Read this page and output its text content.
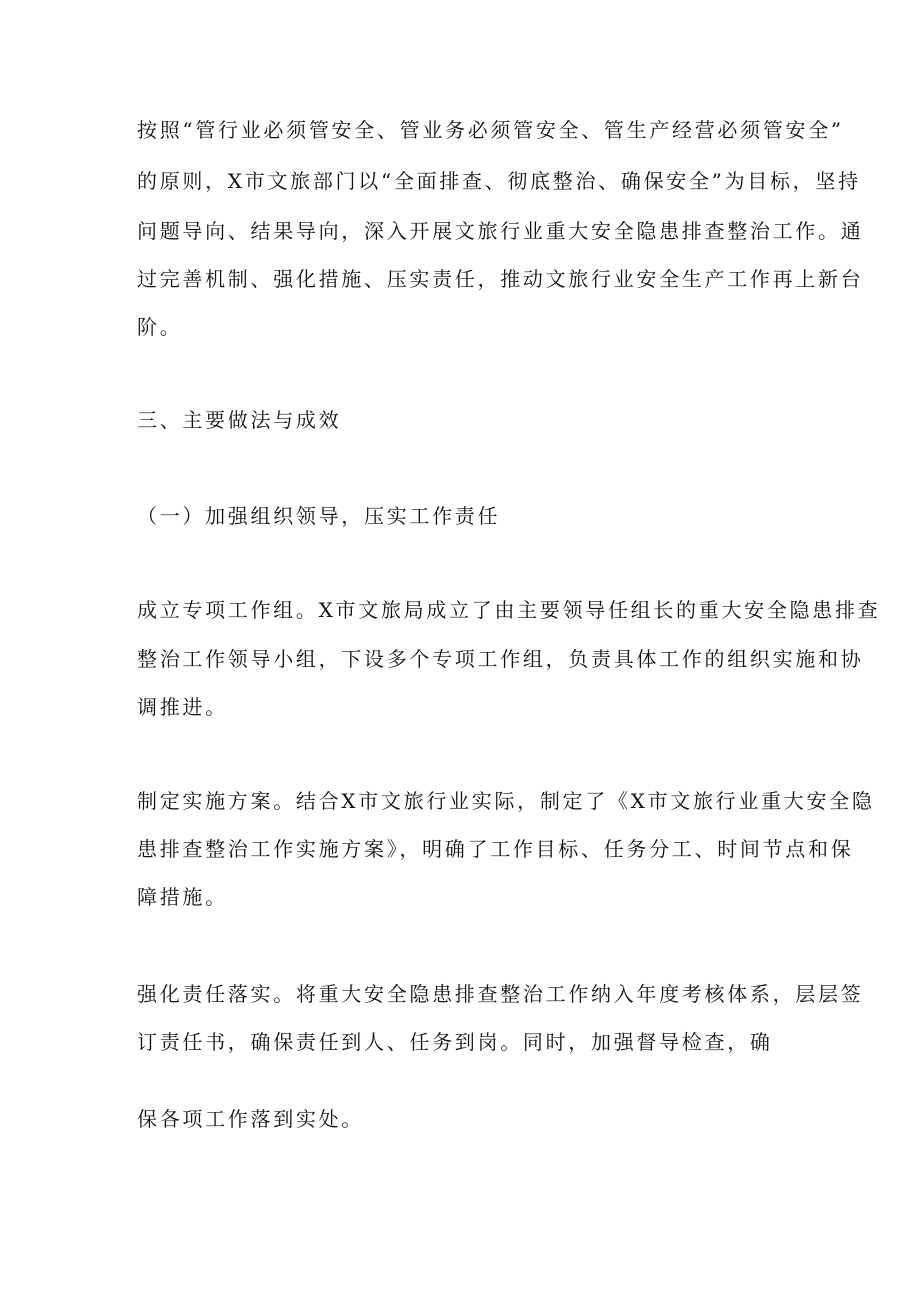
按照“管行业必须管安全、管业务必须管安全、管生产经营必须管安全”
的原则，X市文旅部门以“全面排查、彻底整治、确保安全”为目标，坚持
问题导向、结果导向，深入开展文旅行业重大安全隐患排查整治工作。通
过完善机制、强化措施、压实责任，推动文旅行业安全生产工作再上新台
阶。
三、主要做法与成效
（一）加强组织领导，压实工作责任
成立专项工作组。X市文旅局成立了由主要领导任组长的重大安全隐患排查
整治工作领导小组，下设多个专项工作组，负责具体工作的组织实施和协
调推进。
制定实施方案。结合X市文旅行业实际，制定了《X市文旅行业重大安全隐
患排查整治工作实施方案》，明确了工作目标、任务分工、时间节点和保
障措施。
强化责任落实。将重大安全隐患排查整治工作纳入年度考核体系，层层签
订责任书，确保责任到人、任务到岗。同时，加强督导检查，确
保各项工作落到实处。
